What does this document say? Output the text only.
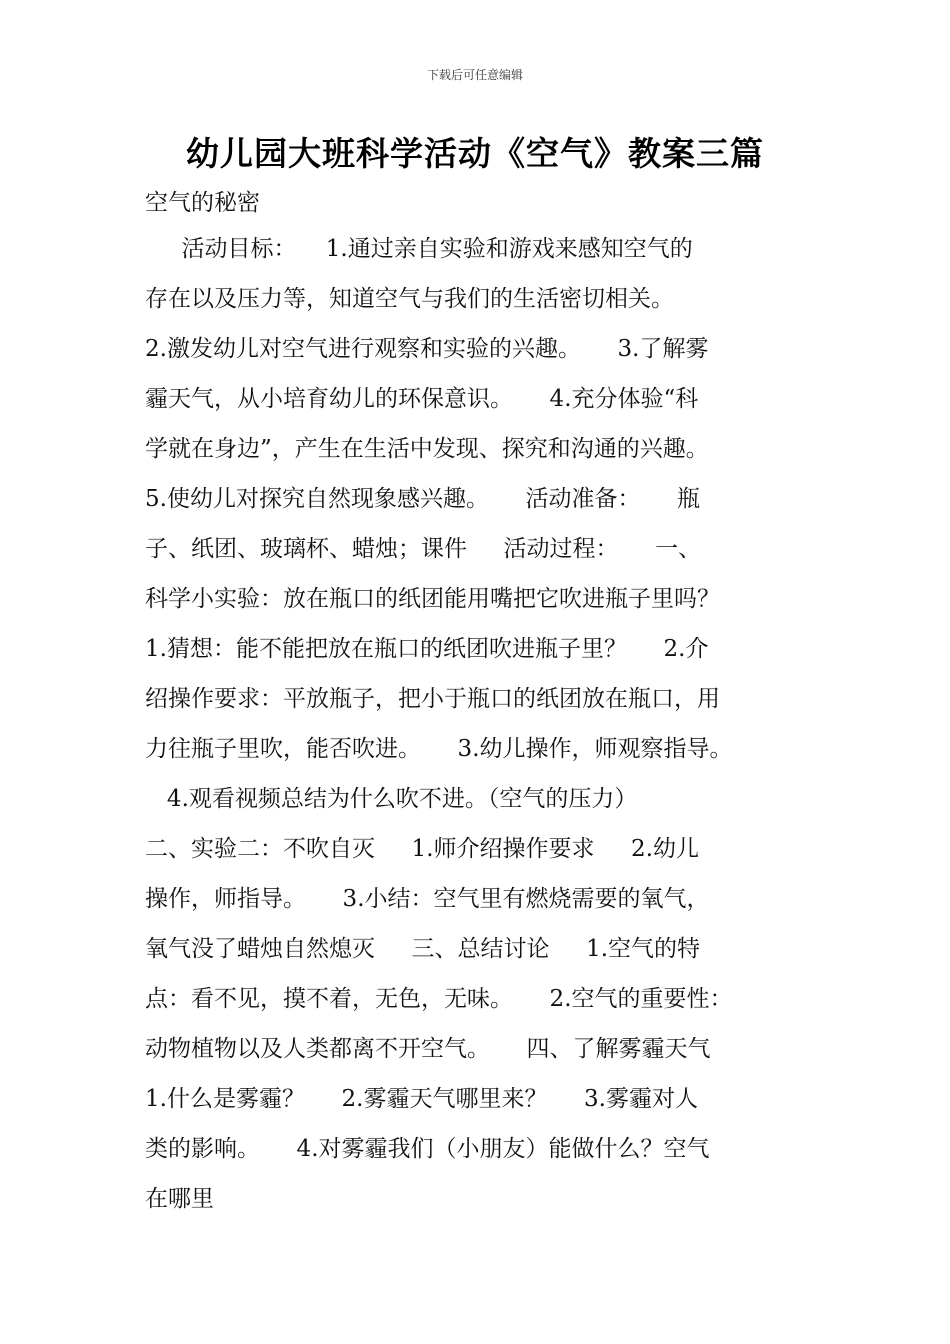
下载后可任意编辑
幼儿园大班科学活动《空气》教案三篇
空气的秘密
活动目标：    1.通过亲自实验和游戏来感知空气的
存在以及压力等，知道空气与我们的生活密切相关。
2.激发幼儿对空气进行观察和实验的兴趣。     3.了解雾
霾天气，从小培育幼儿的环保意识。     4.充分体验“科
学就在身边”，产生在生活中发现、探究和沟通的兴趣。
5.使幼儿对探究自然现象感兴趣。     活动准备：     瓶
子、纸团、玻璃杯、蜡烛；课件     活动过程：     一、
科学小实验：放在瓶口的纸团能用嘴把它吹进瓶子里吗？
1.猜想：能不能把放在瓶口的纸团吹进瓶子里？     2.介
绍操作要求：平放瓶子，把小于瓶口的纸团放在瓶口，用
力往瓶子里吹，能否吹进。     3.幼儿操作，师观察指导。
4.观看视频总结为什么吹不进。（空气的压力）
二、实验二：不吹自灭     1.师介绍操作要求     2.幼儿
操作，师指导。     3.小结：空气里有燃烧需要的氧气，
氧气没了蜡烛自然熄灭     三、总结讨论     1.空气的特
点：看不见，摸不着，无色，无味。     2.空气的重要性：
动物植物以及人类都离不开空气。     四、了解雾霾天气
1.什么是雾霾？     2.雾霾天气哪里来？     3.雾霾对人
类的影响。     4.对雾霾我们（小朋友）能做什么？空气
在哪里
